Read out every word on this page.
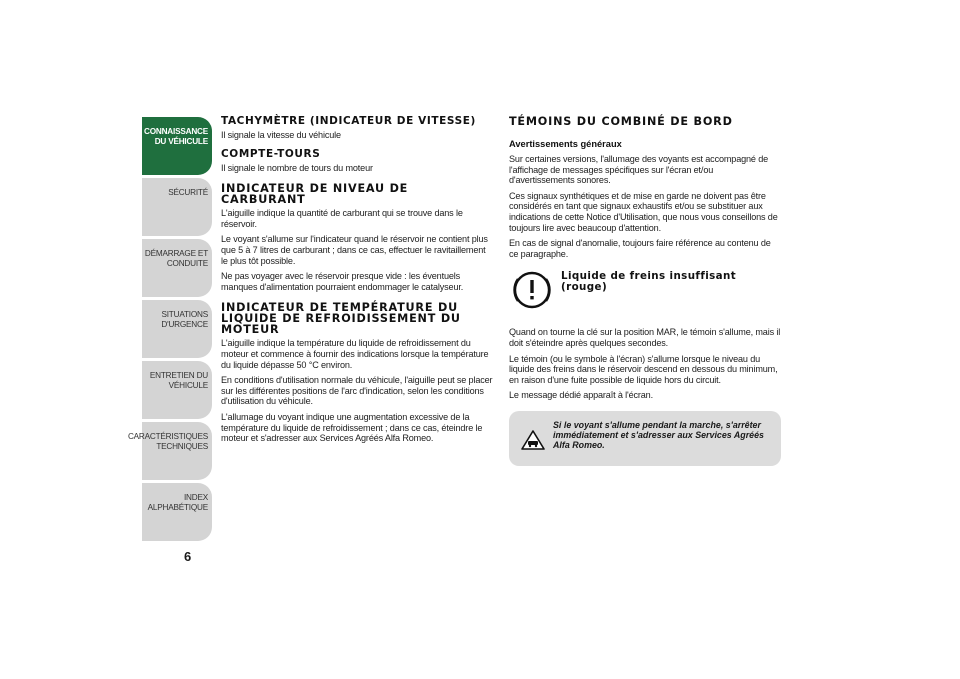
CONNAISSANCE
DU VÉHICULE
SÉCURITÉ
DÉMARRAGE ET
CONDUITE
SITUATIONS
D'URGENCE
ENTRETIEN DU
VÉHICULE
CARACTÉRISTIQUES
TECHNIQUES
INDEX
ALPHABÉTIQUE
6
TACHYMÈTRE (INDICATEUR DE VITESSE)
Il signale la vitesse du véhicule
COMPTE-TOURS
Il signale le nombre de tours du moteur
INDICATEUR DE NIVEAU DE CARBURANT
L'aiguille indique la quantité de carburant qui se trouve dans le réservoir.
Le voyant s'allume sur l'indicateur quand le réservoir ne contient plus que 5 à 7 litres de carburant ; dans ce cas, effectuer le ravitaillement le plus tôt possible.
Ne pas voyager avec le réservoir presque vide : les éventuels manques d'alimentation pourraient endommager le catalyseur.
INDICATEUR DE TEMPÉRATURE DU LIQUIDE DE REFROIDISSEMENT DU MOTEUR
L'aiguille indique la température du liquide de refroidissement du moteur et commence à fournir des indications lorsque la température du liquide dépasse 50 °C environ.
En conditions d'utilisation normale du véhicule, l'aiguille peut se placer sur les différentes positions de l'arc d'indication, selon les conditions d'utilisation du véhicule.
L'allumage du voyant indique une augmentation excessive de la température du liquide de refroidissement ; dans ce cas, éteindre le moteur et s'adresser aux Services Agréés Alfa Romeo.
TÉMOINS DU COMBINÉ DE BORD
Avertissements généraux
Sur certaines versions, l'allumage des voyants est accompagné de l'affichage de messages spécifiques sur l'écran et/ou d'avertissements sonores.
Ces signaux synthétiques et de mise en garde ne doivent pas être considérés en tant que signaux exhaustifs et/ou se substituer aux indications de cette Notice d'Utilisation, que nous vous conseillons de toujours lire avec beaucoup d'attention.
En cas de signal d'anomalie, toujours faire référence au contenu de ce paragraphe.
Liquide de freins insuffisant (rouge)
Quand on tourne la clé sur la position MAR, le témoin s'allume, mais il doit s'éteindre après quelques secondes.
Le témoin (ou le symbole à l'écran) s'allume lorsque le niveau du liquide des freins dans le réservoir descend en dessous du minimum, en raison d'une fuite possible de liquide hors du circuit.
Le message dédié apparaît à l'écran.
Si le voyant s'allume pendant la marche, s'arrêter immédiatement et s'adresser aux Services Agréés Alfa Romeo.
